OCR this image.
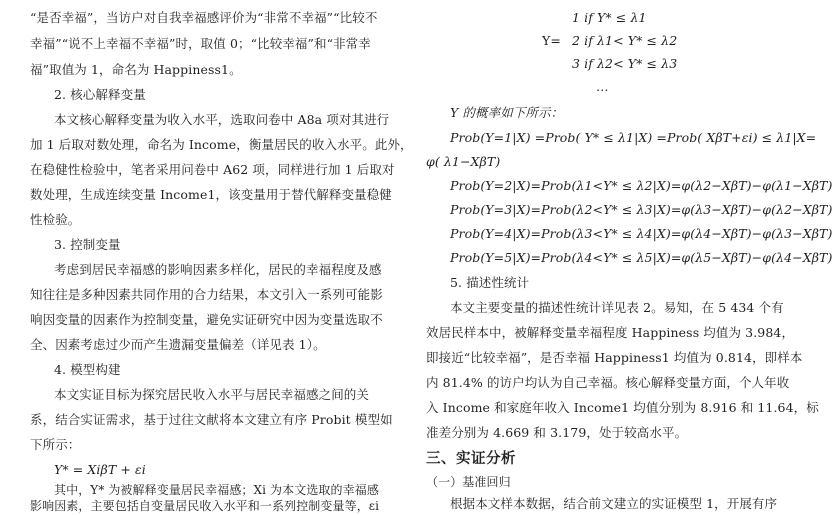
“是否幸福”，当访户对自我幸福感评价为“非常不幸福”“比较不
幸福”“说不上幸福不幸福”时，取值 0；“比较幸福”和“非常幸
福”取值为 1，命名为 Happiness1。
2. 核心解释变量
本文核心解释变量为收入水平，选取问卷中 A8a 项对其进行
加 1 后取对数处理，命名为 Income，衡量居民的收入水平。此外，
在稳健性检验中，笔者采用问卷中 A62 项，同样进行加 1 后取对
数处理，生成连续变量 Income1，该变量用于替代解释变量稳健
性检验。
3. 控制变量
考虑到居民幸福感的影响因素多样化，居民的幸福程度及感
知往往是多种因素共同作用的合力结果，本文引入一系列可能影
响因变量的因素作为控制变量，避免实证研究中因为变量选取不
全、因素考虑过少而产生遗漏变量偏差（详见表 1）。
4. 模型构建
本文实证目标为探究居民收入水平与居民幸福感之间的关
系，结合实证需求，基于过往文献将本文建立有序 Probit 模型如
下所示：
Y* = XiβT + εi
Y=
1 if Y* ≤ λ1
2 if λ1< Y* ≤ λ2
3 if λ2< Y* ≤ λ3
…
Y 的概率如下所示：
Prob(Y=1|X) =Prob( Y* ≤ λ1|X) =Prob( XβT+εi) ≤ λ1|X=
φ( λ1−XβT)
Prob(Y=2|X)=Prob(λ1<Y* ≤ λ2|X)=φ(λ2−XβT)−φ(λ1−XβT)
Prob(Y=3|X)=Prob(λ2<Y* ≤ λ3|X)=φ(λ3−XβT)−φ(λ2−XβT)
Prob(Y=4|X)=Prob(λ3<Y* ≤ λ4|X)=φ(λ4−XβT)−φ(λ3−XβT)
Prob(Y=5|X)=Prob(λ4<Y* ≤ λ5|X)=φ(λ5−XβT)−φ(λ4−XβT)
5. 描述性统计
本文主要变量的描述性统计详见表 2。易知，在 5 434 个有
效居民样本中，被解释变量幸福程度 Happiness 均值为 3.984，
即接近“比较幸福”，是否幸福 Happiness1 均值为 0.814，即样本
内 81.4% 的访户均认为自己幸福。核心解释变量方面，个人年收
入 Income 和家庭年收入 Income1 均值分别为 8.916 和 11.64，标
准差分别为 4.669 和 3.179，处于较高水平。
三、实证分析
（一）基准回归
根据本文样本数据，结合前文建立的实证模型 1，开展有序
其中，Y* 为被解释变量居民幸福感；Xi 为本文选取的幸福感
影响因素，主要包括自变量居民收入水平和一系列控制变量等，εi
